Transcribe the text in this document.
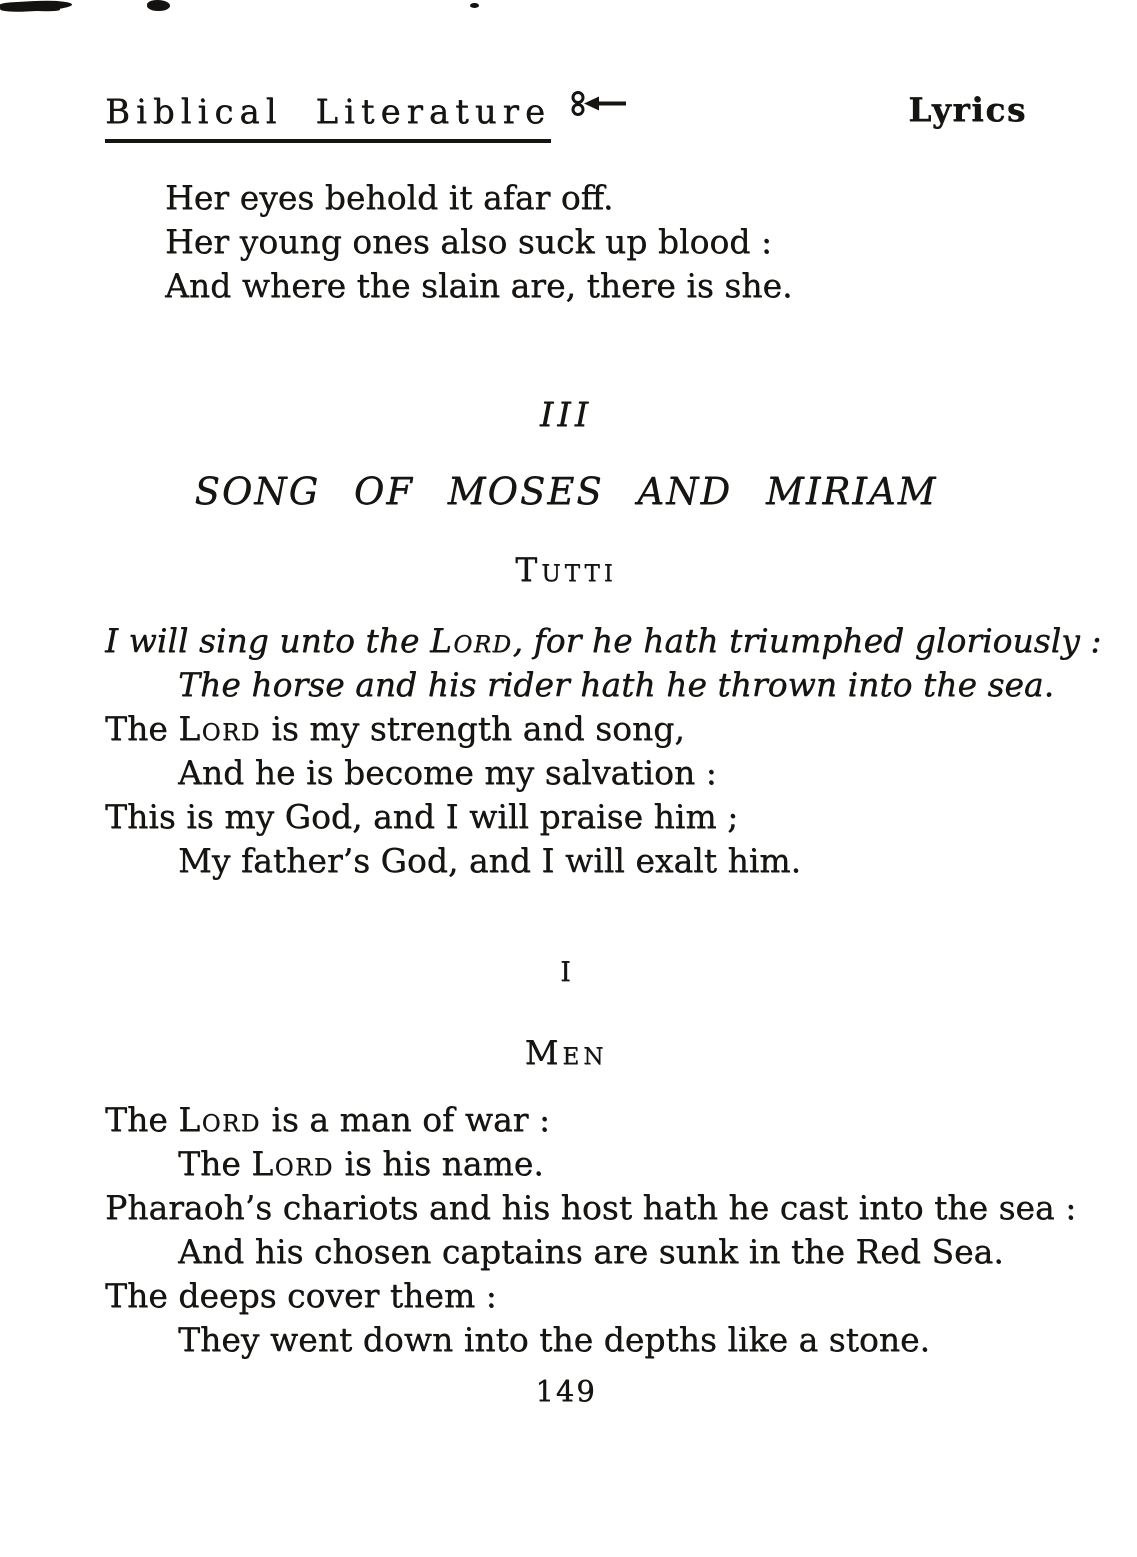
Biblical Literature	Lyrics
Her eyes behold it afar off.
Her young ones also suck up blood :
And where the slain are, there is she.
III
SONG OF MOSES AND MIRIAM
Tutti
I will sing unto the Lord, for he hath triumphed gloriously :
The horse and his rider hath he thrown into the sea.
The Lord is my strength and song,
And he is become my salvation :
This is my God, and I will praise him ;
My father’s God, and I will exalt him.
I
Men
The Lord is a man of war :
The Lord is his name.
Pharaoh’s chariots and his host hath he cast into the sea :
And his chosen captains are sunk in the Red Sea.
The deeps cover them :
They went down into the depths like a stone.
149
